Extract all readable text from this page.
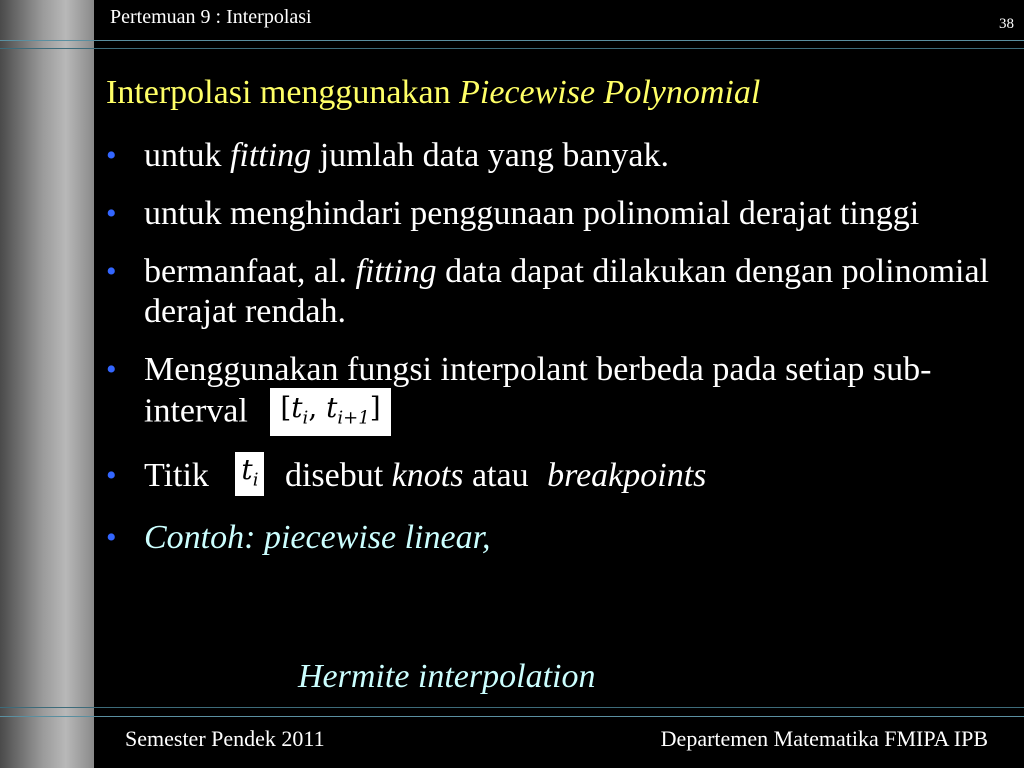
Pertemuan 9 : Interpolasi	38
Interpolasi menggunakan Piecewise Polynomial
• untuk fitting jumlah data yang banyak.
• untuk menghindari penggunaan polinomial derajat tinggi
• bermanfaat, al. fitting data dapat dilakukan dengan polinomial derajat rendah.
• Menggunakan fungsi interpolant berbeda pada setiap sub-interval [$t_i$, $t_{i+1}$]
• Titik $t_i$ disebut knots atau breakpoints
• Contoh: piecewise linear,
Hermite interpolation
Semester Pendek 2011	Departemen Matematika FMIPA IPB
